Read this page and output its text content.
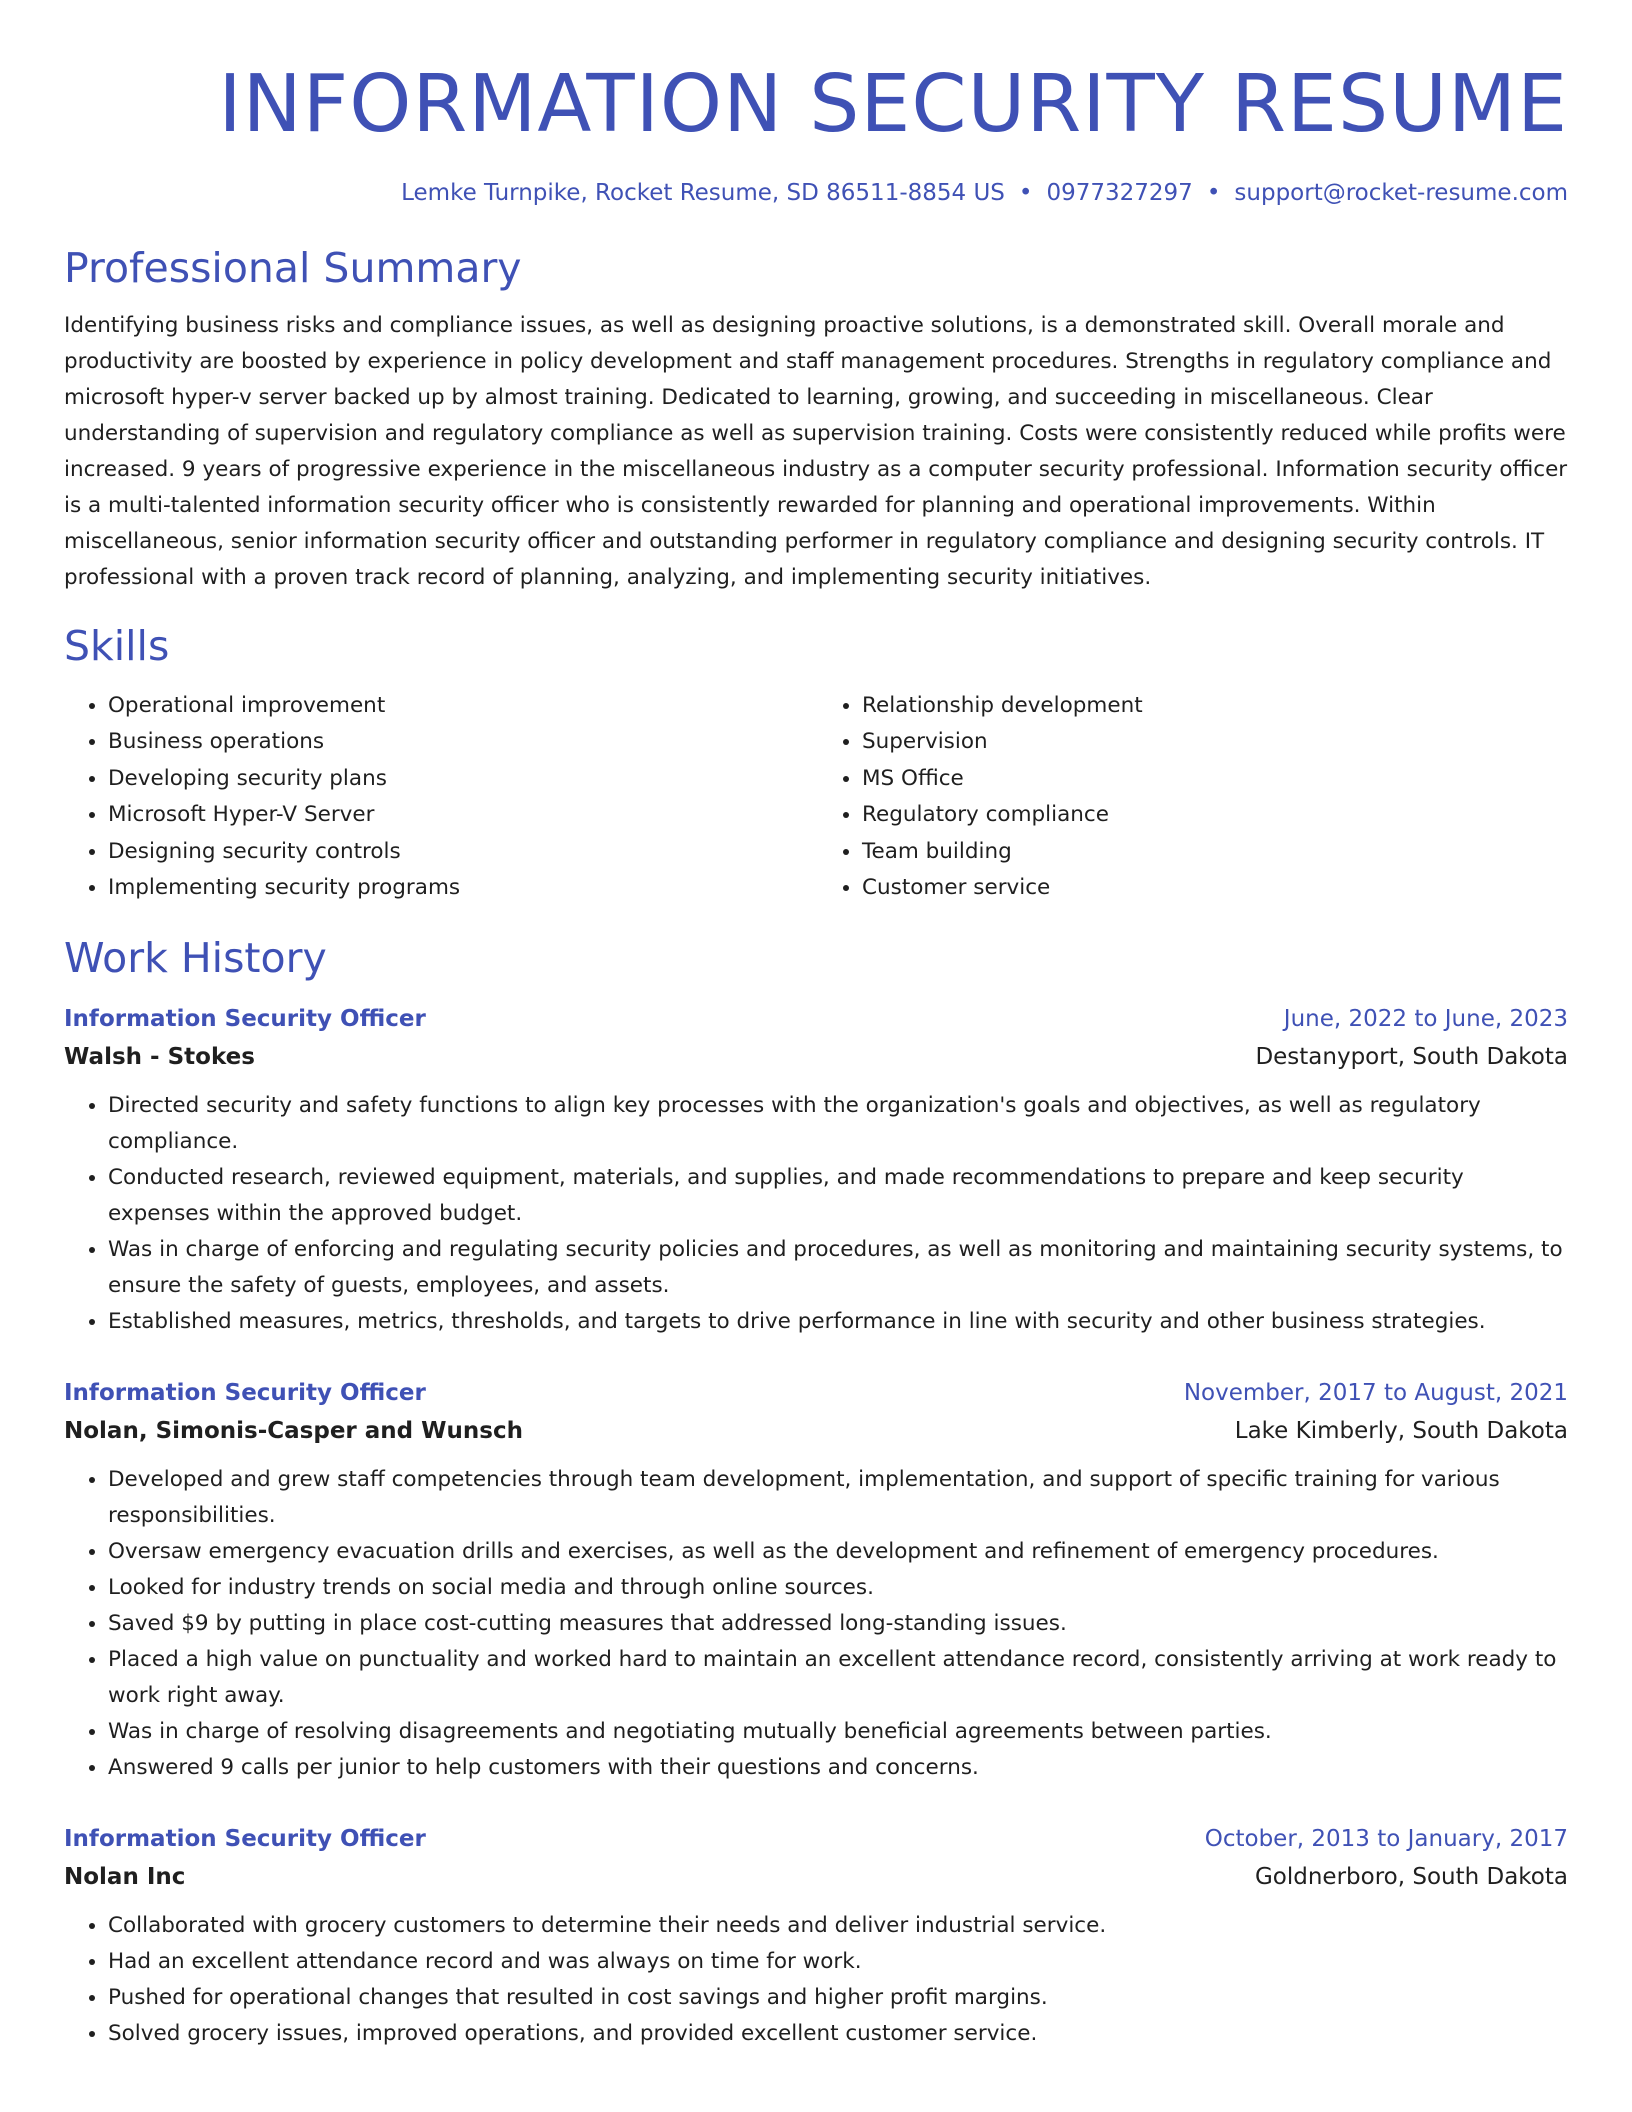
INFORMATION SECURITY RESUME
Lemke Turnpike, Rocket Resume, SD 86511-8854 US • 0977327297 • support@rocket-resume.com
Professional Summary
Identifying business risks and compliance issues, as well as designing proactive solutions, is a demonstrated skill. Overall morale and productivity are boosted by experience in policy development and staff management procedures. Strengths in regulatory compliance and microsoft hyper-v server backed up by almost training. Dedicated to learning, growing, and succeeding in miscellaneous. Clear understanding of supervision and regulatory compliance as well as supervision training. Costs were consistently reduced while profits were increased. 9 years of progressive experience in the miscellaneous industry as a computer security professional. Information security officer is a multi-talented information security officer who is consistently rewarded for planning and operational improvements. Within miscellaneous, senior information security officer and outstanding performer in regulatory compliance and designing security controls. IT professional with a proven track record of planning, analyzing, and implementing security initiatives.
Skills
• Operational improvement
• Business operations
• Developing security plans
• Microsoft Hyper-V Server
• Designing security controls
• Implementing security programs
• Relationship development
• Supervision
• MS Office
• Regulatory compliance
• Team building
• Customer service
Work History
Information Security Officer	June, 2022 to June, 2023
Walsh - Stokes	Destanyport, South Dakota
• Directed security and safety functions to align key processes with the organization's goals and objectives, as well as regulatory compliance.
• Conducted research, reviewed equipment, materials, and supplies, and made recommendations to prepare and keep security expenses within the approved budget.
• Was in charge of enforcing and regulating security policies and procedures, as well as monitoring and maintaining security systems, to ensure the safety of guests, employees, and assets.
• Established measures, metrics, thresholds, and targets to drive performance in line with security and other business strategies.
Information Security Officer	November, 2017 to August, 2021
Nolan, Simonis-Casper and Wunsch	Lake Kimberly, South Dakota
• Developed and grew staff competencies through team development, implementation, and support of specific training for various responsibilities.
• Oversaw emergency evacuation drills and exercises, as well as the development and refinement of emergency procedures.
• Looked for industry trends on social media and through online sources.
• Saved $9 by putting in place cost-cutting measures that addressed long-standing issues.
• Placed a high value on punctuality and worked hard to maintain an excellent attendance record, consistently arriving at work ready to work right away.
• Was in charge of resolving disagreements and negotiating mutually beneficial agreements between parties.
• Answered 9 calls per junior to help customers with their questions and concerns.
Information Security Officer	October, 2013 to January, 2017
Nolan Inc	Goldnerboro, South Dakota
• Collaborated with grocery customers to determine their needs and deliver industrial service.
• Had an excellent attendance record and was always on time for work.
• Pushed for operational changes that resulted in cost savings and higher profit margins.
• Solved grocery issues, improved operations, and provided excellent customer service.
